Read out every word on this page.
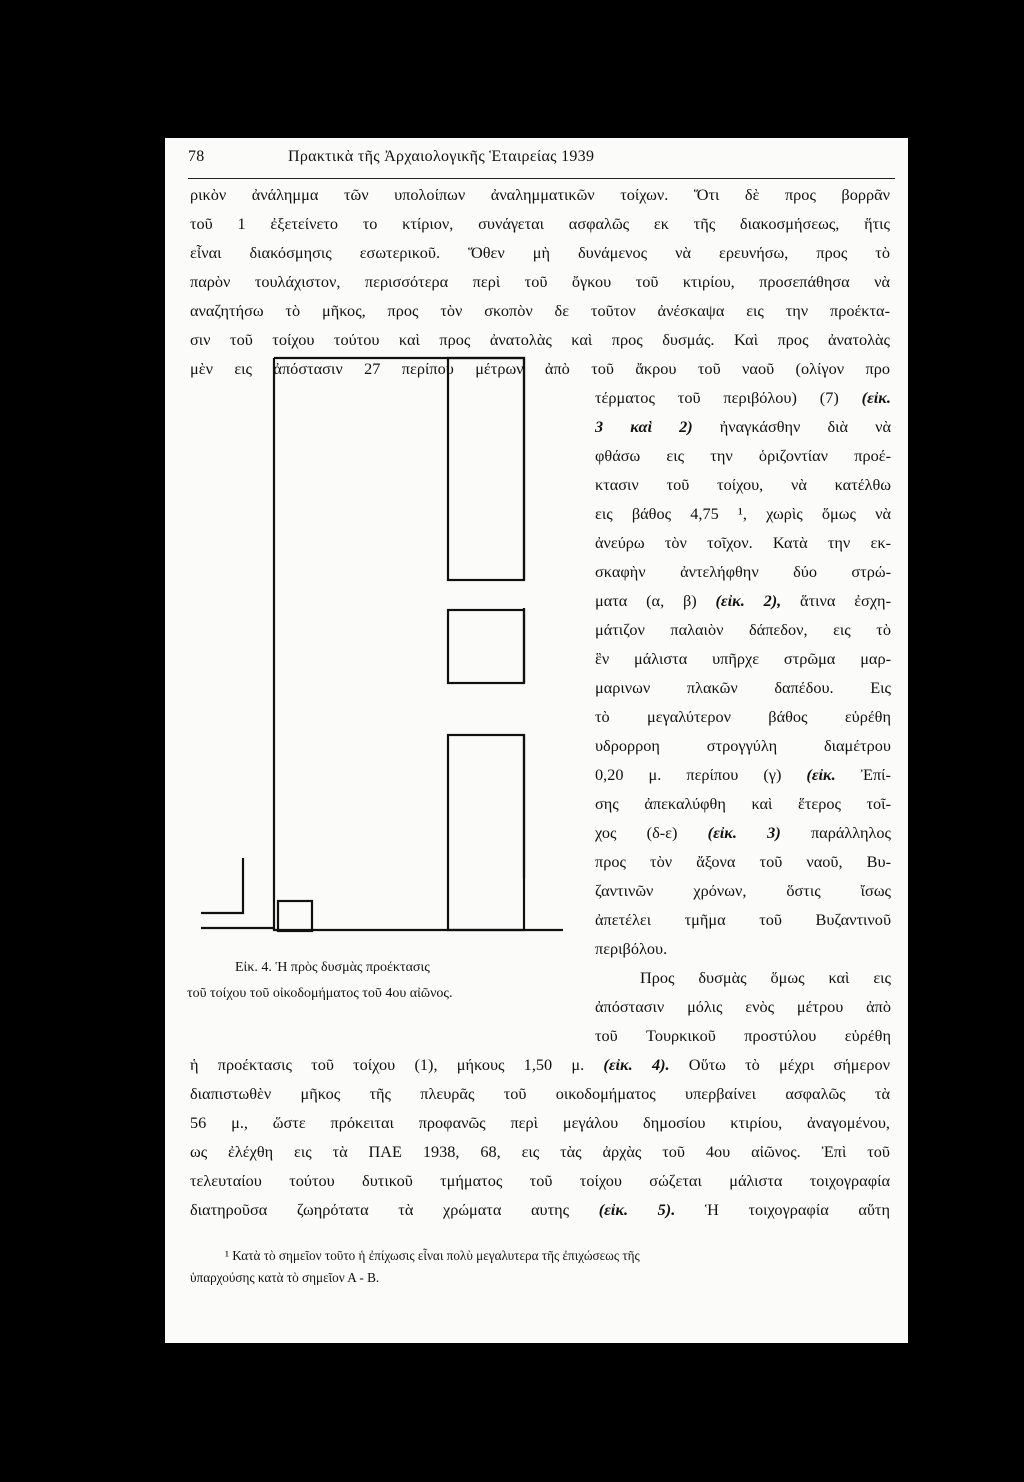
78	Πρακτικὰ τῆς Ἀρχαιολογικῆς Ἑταιρείας 1939
ρικὸν ἀνάλημμα τῶν υπολοίπων ἀναλημματικῶν τοίχων. Ὅτι δὲ προς βορρᾶν
τοῦ 1 ἐξετείνετο το κτίριον, συνάγεται ασφαλῶς εκ τῆς διακοσμήσεως, ἥτις
εἶναι διακόσμησις εσωτερικοῦ. Ὅθεν μὴ δυνάμενος νὰ ερευνήσω, προς τὸ
παρὸν τουλάχιστον, περισσότερα περὶ τοῦ ὄγκου τοῦ κτιρίου, προσεπάθησα νὰ
αναζητήσω τὸ μῆκος, προς τὸν σκοπὸν δε τοῦτον ἀνέσκαψα εις την προέκτα-
σιν τοῦ τοίχου τούτου καὶ προς ἀνατολὰς καὶ προς δυσμάς. Καὶ προς ἀνατολὰς
μὲν εις ἀπόστασιν 27 περίπου μέτρων ἀπὸ τοῦ ἄκρου τοῦ ναοῦ (ολίγον προ
τέρματος τοῦ περιβόλου) (7) (εἰκ.
3 καὶ 2) ἠναγκάσθην διὰ νὰ
φθάσω εις την ὁριζοντίαν προέ-
κτασιν τοῦ τοίχου, νὰ κατέλθω
εις βάθος 4,75 ¹, χωρὶς ὅμως νὰ
ἀνεύρω τὸν τοῖχον. Κατὰ την εκ-
σκαφὴν ἀντελήφθην δύο στρώ-
ματα (α, β) (εἰκ. 2), ἅτινα ἐσχη-
μάτιζον παλαιὸν δάπεδον, εις τὸ
ἓν μάλιστα υπῆρχε στρῶμα μαρ-
μαρινων πλακῶν δαπέδου. Εις
τὸ μεγαλύτερον βάθος εὑρέθη
υδρορροη στρογγύλη διαμέτρου
0,20 μ. περίπου (γ) (εἰκ. Ἐπί-
σης ἀπεκαλύφθη καὶ ἕτερος τοῖ-
χος (δ-ε) (εἰκ. 3) παράλληλος
προς τὸν ἄξονα τοῦ ναοῦ, Βυ-
ζαντινῶν χρόνων, ὅστις ἴσως
ἀπετέλει τμῆμα τοῦ Βυζαντινοῦ
περιβόλου.
Προς δυσμὰς ὅμως καὶ εις
ἀπόστασιν μόλις ενὸς μέτρου ἀπὸ
τοῦ Τουρκικοῦ προστύλου εὑρέθη
Εἰκ. 4. Ἡ πρὸς δυσμὰς προέκτασις
τοῦ τοίχου τοῦ οἰκοδομήματος τοῦ 4ου αἰῶνος.
ἡ προέκτασις τοῦ τοίχου (1), μήκους 1,50 μ. (εἰκ. 4). Οὕτω τὸ μέχρι σήμερον
διαπιστωθὲν μῆκος τῆς πλευρᾶς τοῦ οικοδομήματος υπερβαίνει ασφαλῶς τὰ
56 μ., ὥστε πρόκειται προφανῶς περὶ μεγάλου δημοσίου κτιρίου, ἀναγομένου,
ως ἐλέχθη εις τὰ ΠΑΕ 1938, 68, εις τὰς ἀρχὰς τοῦ 4ου αἰῶνος. Ἐπὶ τοῦ
τελευταίου τούτου δυτικοῦ τμήματος τοῦ τοίχου σώζεται μάλιστα τοιχογραφία
διατηροῦσα ζωηρότατα τὰ χρώματα αυτης (εἰκ. 5). Ἡ τοιχογραφία αὕτη
¹ Κατὰ τὸ σημεῖον τοῦτο ἡ ἐπίχωσις εἶναι πολὺ μεγαλυτερα τῆς ἐπιχώσεως τῆς
ὑπαρχούσης κατὰ τὸ σημεῖον Α - Β.
